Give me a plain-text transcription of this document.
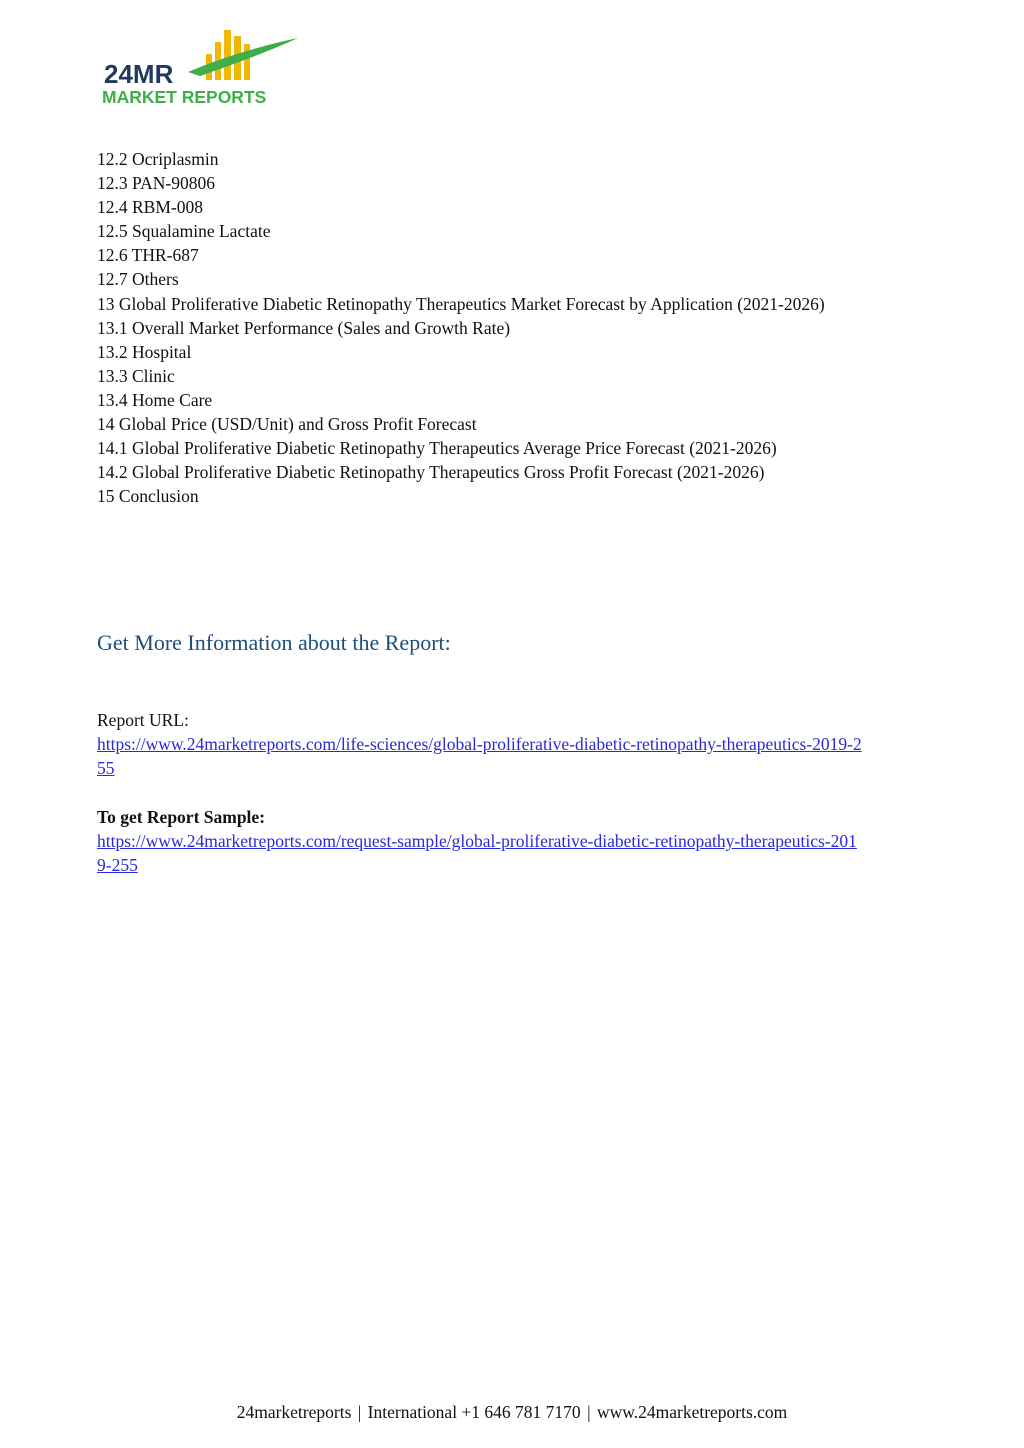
24MR
MARKET REPORTS
12.2 Ocriplasmin
12.3 PAN-90806
12.4 RBM-008
12.5 Squalamine Lactate
12.6 THR-687
12.7 Others
13 Global Proliferative Diabetic Retinopathy Therapeutics Market Forecast by Application (2021-2026)
13.1 Overall Market Performance (Sales and Growth Rate)
13.2 Hospital
13.3 Clinic
13.4 Home Care
14 Global Price (USD/Unit) and Gross Profit Forecast
14.1 Global Proliferative Diabetic Retinopathy Therapeutics Average Price Forecast (2021-2026)
14.2 Global Proliferative Diabetic Retinopathy Therapeutics Gross Profit Forecast (2021-2026)
15 Conclusion
Get More Information about the Report:
Report URL:
https://www.24marketreports.com/life-sciences/global-proliferative-diabetic-retinopathy-therapeutics-2019-2
55
To get Report Sample:
https://www.24marketreports.com/request-sample/global-proliferative-diabetic-retinopathy-therapeutics-201
9-255
24marketreports | International +1 646 781 7170 | www.24marketreports.com
